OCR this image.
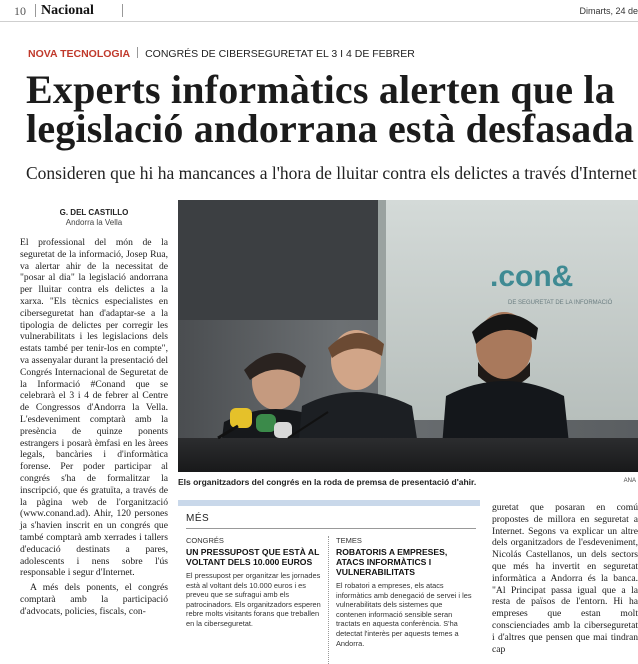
10 Nacional	Dimarts, 24 de
NOVA TECNOLOGIA CONGRÉS DE CIBERSEGURETAT EL 3 I 4 DE FEBRER
Experts informàtics alerten que la legislació andorrana està desfasada
Consideren que hi ha mancances a l'hora de lluitar contra els delictes a través d'Internet
G. DEL CASTILLO
Andorra la Vella

El professional del món de la seguretat de la informació, Josep Rua, va alertar ahir de la necessitat de "posar al dia" la legislació andorrana per lluitar contra els delictes a la xarxa. "Els tècnics especialistes en ciberseguretat han d'adaptar-se a la tipologia de delictes per corregir les vulnerabilitats i les legislacions dels estats també per tenir-los en compte", va assenyalar durant la presentació del Congrés Internacional de Seguretat de la Informació #Conand que se celebrarà el 3 i 4 de febrer al Centre de Congressos d'Andorra la Vella. L'esdeveniment comptarà amb la presència de quinze ponents estrangers i posarà èmfasi en les àrees legals, bancàries i d'informàtica forense. Per poder participar al congrés s'ha de formalitzar la inscripció, que és gratuïta, a través de la pàgina web de l'organització (www.conand.ad). Ahir, 120 persones ja s'havien inscrit en un congrés que també comptarà amb xerrades i tallers d'educació destinats a pares, adolescents i nens sobre l'ús responsable i segur d'Internet.

A més dels ponents, el congrés comptarà amb la participació d'advocats, policies, fiscals, con-

.con&
DE SEGURETAT DE LA INFORMACIÓ
Els organitzadors del congrés en la roda de premsa de presentació d'ahir.	ANA
MÉS
CONGRÉS
UN PRESSUPOST QUE ESTÀ AL VOLTANT DELS 10.000 EUROS
El pressupost per organitzar les jornades està al voltant dels 10.000 euros i es preveu que se sufragui amb els patrocinadors. Els organitzadors esperen rebre molts visitants forans que treballen en la ciberseguretat.
TEMES
ROBATORIS A EMPRESES, ATACS INFORMÀTICS I VULNERABILITATS
El robatori a empreses, els atacs informàtics amb denegació de servei i les vulnerabilitats dels sistemes que contenen informació sensible seran tractats en aquesta conferència. S'ha detectat l'interès per aquests temes a Andorra.

guretat que posaran en comú propostes de millora en seguretat a Internet. Segons va explicar un altre dels organitzadors de l'esdeveniment, Nicolás Castellanos, un dels sectors que més ha invertit en seguretat informàtica a Andorra és la banca. "Al Principat passa igual que a la resta de països de l'entorn. Hi ha empreses que estan molt conscienciades amb la ciberseguretat i d'altres que pensen que mai tindran cap
